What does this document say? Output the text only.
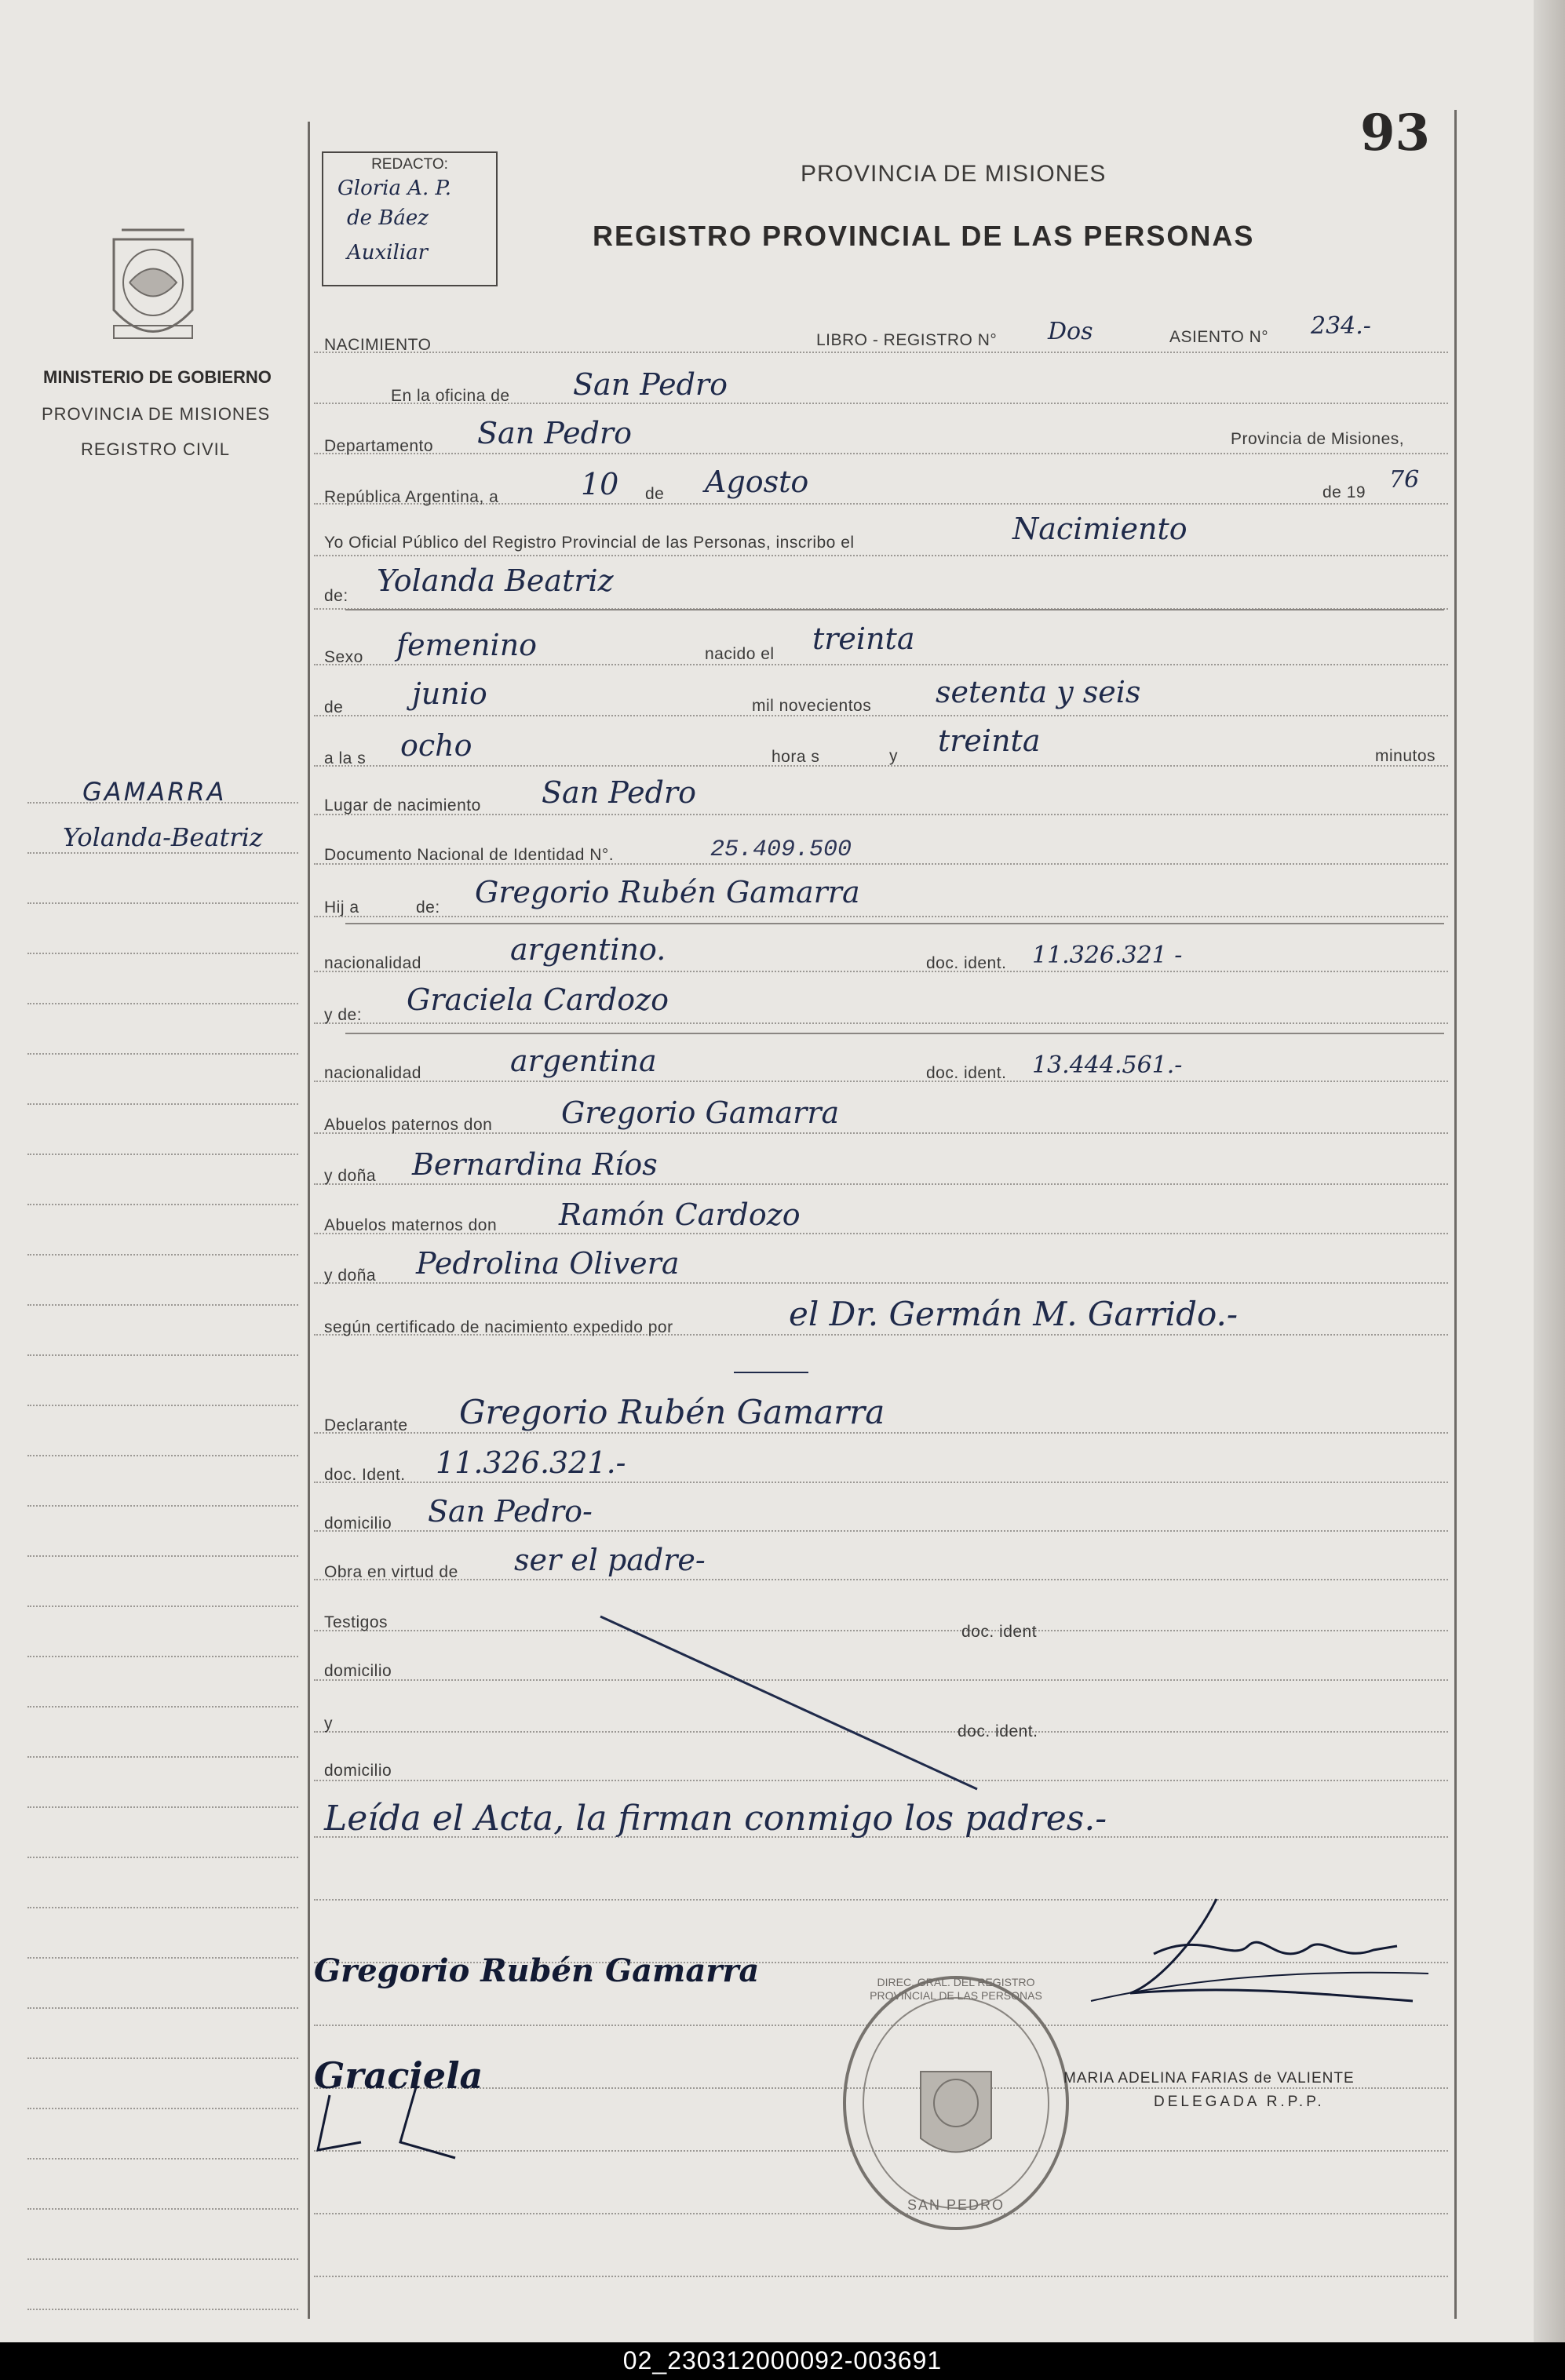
93
REDACTO:
Gloria A. P.
de Báez
Auxiliar
PROVINCIA DE MISIONES
REGISTRO PROVINCIAL DE LAS PERSONAS
MINISTERIO DE GOBIERNO
PROVINCIA DE MISIONES
REGISTRO CIVIL
GAMARRA
Yolanda-Beatriz
NACIMIENTO	LIBRO - REGISTRO N° Dos	ASIENTO N° 234.-
En la oficina de San Pedro
Departamento San Pedro	Provincia de Misiones,
República Argentina, a	10 de Agosto	de 19 76
Yo Oficial Público del Registro Provincial de las Personas, inscribo el	Nacimiento
de: Yolanda Beatriz
Sexo femenino	nacido el treinta
de junio	mil novecientos setenta y seis
a la s ocho	hora s	y treinta	minutos
Lugar de nacimiento San Pedro
Documento Nacional de Identidad N°.	25.409.500
Hij a	de: Gregorio Rubén Gamarra
nacionalidad	argentino.	doc. ident. 11.326.321 -
y de: Graciela Cardozo
nacionalidad	argentina	doc. ident. 13.444.561.-
Abuelos paternos don Gregorio Gamarra
y doña Bernardina Ríos
Abuelos maternos don Ramón Cardozo
y doña Pedrolina Olivera
según certificado de nacimiento expedido por	el Dr. Germán M. Garrido.-
Declarante Gregorio Rubén Gamarra
doc. Ident. 11.326.321.-
domicilio San Pedro-
Obra en virtud de ser el padre-
Testigos
doc. ident
domicilio
y	doc. ident.
domicilio
Leída el Acta, la firman conmigo los padres.-
Gregorio Rubén Gamarra
Graciela
DIREC. GRAL. DEL REGISTRO PROVINCIAL DE LAS PERSONAS
SAN PEDRO
MARIA ADELINA FARIAS de VALIENTE
DELEGADA R.P.P.
02_230312000092-003691
